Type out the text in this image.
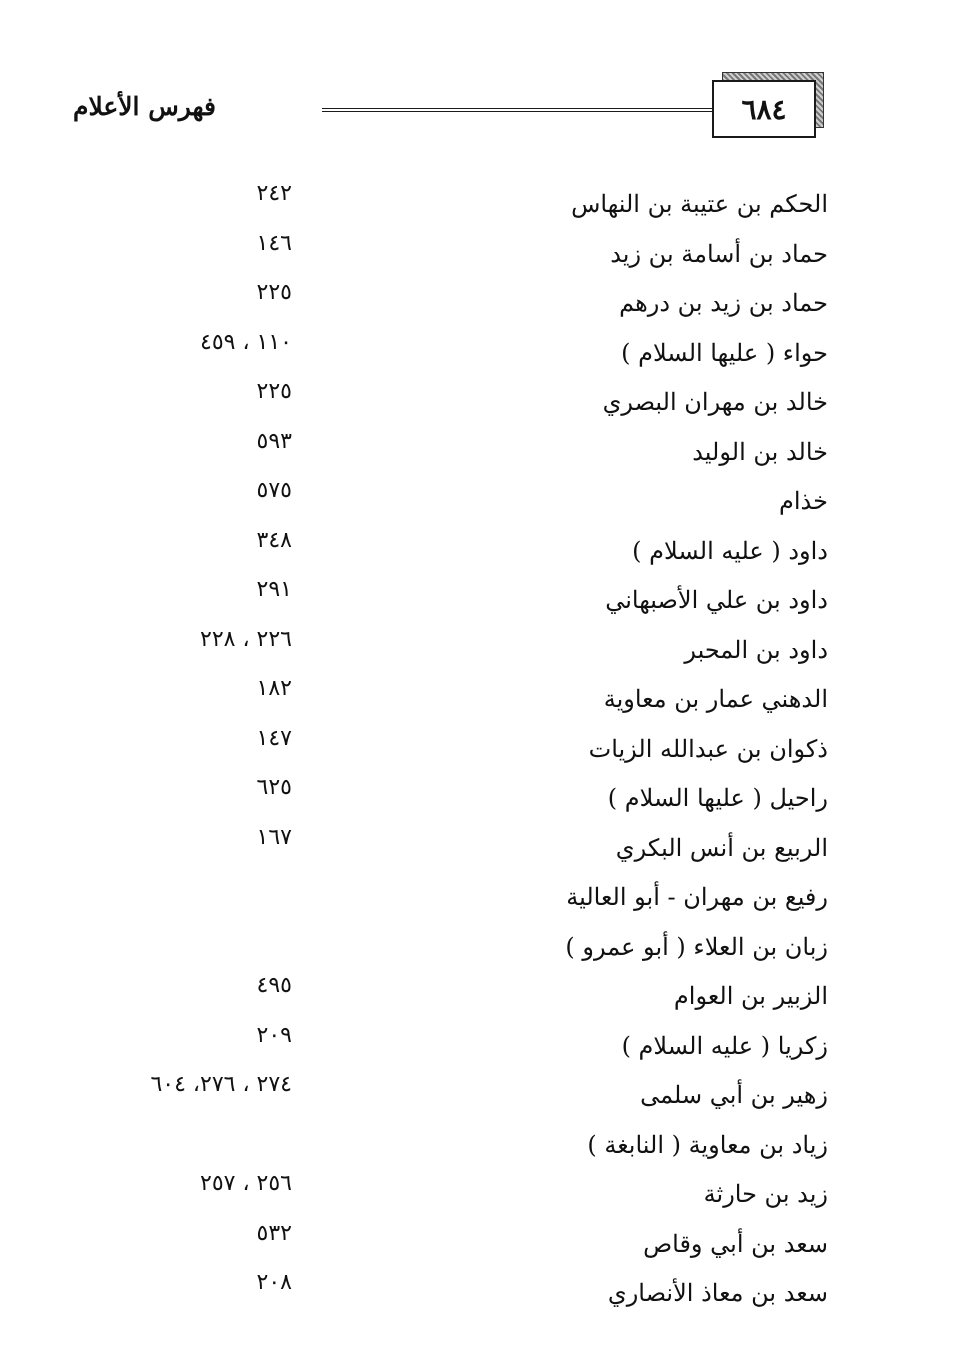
٦٨٤
فهرس الأعلام
الحكم بن عتيبة بن النهاس
٢٤٢
حماد بن أسامة بن زيد
١٤٦
حماد بن زيد بن درهم
٢٢٥
حواء ( عليها السلام )
١١٠ ، ٤٥٩
خالد بن مهران البصري
٢٢٥
خالد بن الوليد
٥٩٣
خذام
٥٧٥
داود ( عليه السلام )
٣٤٨
داود بن علي الأصبهاني
٢٩١
داود بن المحبر
٢٢٦ ، ٢٢٨
الدهني عمار بن معاوية
١٨٢
ذكوان بن عبدالله الزيات
١٤٧
راحيل ( عليها السلام )
٦٢٥
الربيع بن أنس البكري
١٦٧
رفيع بن مهران - أبو العالية
زبان بن العلاء ( أبو عمرو )
الزبير بن العوام
٤٩٥
زكريا ( عليه السلام )
٢٠٩
زهير بن أبي سلمى
٢٧٤ ، ٢٧٦، ٦٠٤
زياد بن معاوية ( النابغة )
زيد بن حارثة
٢٥٦ ، ٢٥٧
سعد بن أبي وقاص
٥٣٢
سعد بن معاذ الأنصاري
٢٠٨
